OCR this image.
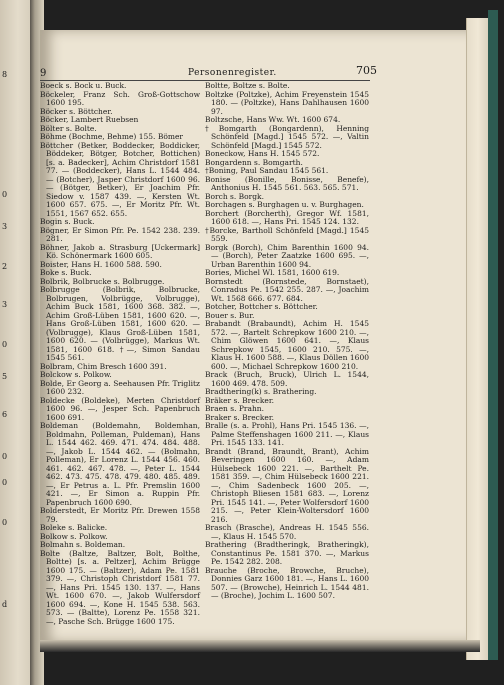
8
0
3
2
3
0
5
6
0
0
0
d
9	Personenregister.	705

Boeck s. Bock u. Buck.

Böckeler, Franz Sch. Groß-Gottschow 1600 195.

Böcker s. Böttcher.

Böcker, Lambert Ruebsen

Bölter s. Bolte.

Böhme (Bochme, Behme) 155. Bömer

Böttcher (Betker, Boddecker, Boddicker, Böddeker, Bötger, Botcher, Bottichen) [s. a. Badecker], Achim Christdorf 1581 77. — (Boddecker), Hans L. 1544 484. — (Botcher), Jasper Christdorf 1600 96. — (Bötger, Betker), Er Joachim Pfr. Siedow v. 1587 439. —, Kersten Wt. 1600 657. 675. —, Er Moritz Pfr. Wt. 1551, 1567 652. 655.

Bogin s. Buck.

Bögner, Er Simon Pfr. Pe. 1542 238. 239. 281.

Böhner, Jakob a. Strasburg [Uckermark] Kö. Schönermark 1600 605.

Boister, Hans H. 1600 588. 590.

Boke s. Buck.

Bolbrik, Bolbrucke s. Bolbrugge.

Bolbrugge (Bolbrik, Bolbrucke, Bolbrugen, Volbrügge, Volbrugge), Achim Buck 1581, 1600 368. 382. —, Achim Groß-Lüben 1581, 1600 620. —, Hans Groß-Lüben 1581, 1600 620. — (Volbrugge), Klaus Groß-Lüben 1581, 1600 620. — (Volbrügge), Markus Wt. 1581, 1600 618. †—, Simon Sandau 1545 561.

Bolbram, Chim Bresch 1600 391.

Bolckow s. Polkow.

Bolde, Er Georg a. Seehausen Pfr. Triglitz 1600 232.

Boldecke (Boldeke), Merten Christdorf 1600 96. —, Jesper Sch. Papenbruch 1600 691.

Boldeman (Boldemahn, Boldemhan, Boldmahn, Polleman, Puldeman), Hans L. 1544 462. 469. 471. 474. 484. 488. —, Jakob L. 1544 462. — (Bolmahn, Polleman), Er Lorenz L. 1544 456. 460. 461. 462. 467. 478. —, Peter L. 1544 462. 473. 475. 478. 479. 480. 485. 489. —, Er Petrus a. L. Pfr. Premslin 1600 421. —, Er Simon a. Ruppin Pfr. Papenbruch 1600 690.

Bolderstedt, Er Moritz Pfr. Drewen 1558 79.

Boleke s. Balicke.

Bolkow s. Polkow.

Bolmahn s. Boldeman.

Bolte (Baltze, Baltzer, Bolt, Bolthe, Boltte) [s. a. Peltzer], Achim Brügge 1600 175. — (Baltzer), Adam Pe. 1581 379. —, Christoph Christdorf 1581 77. —, Hans Pri. 1545 130. 137. —, Hans Wt. 1600 670. —, Jakob Wulfersdorf 1600 694. —, Kone H. 1545 538. 563. 573. — (Baltte), Lorenz Pe. 1558 321. —, Pasche Sch. Brügge 1600 175.

Boltte, Boltze s. Bolte.

Boltzke (Poltzke), Achim Freyenstein 1545 180. — (Poltzke), Hans Dahlhausen 1600 97.

Boltzsche, Hans Ww. Wt. 1600 674.

†Bomgarth (Bongardenn), Henning Schönfeld [Magd.] 1545 572. —, Valtin Schönfeld [Magd.] 1545 572.

Boneckow, Hans H. 1545 572.

Bongardenn s. Bomgarth.

†Boning, Paul Sandau 1545 561.

Bonise (Bonille, Bonisse, Benefe), Anthonius H. 1545 561. 563. 565. 571.

Borch s. Borgk.

Borchagen s. Burghagen u. v. Burghagen.

Borchert (Borcherth), Gregor Wf. 1581, 1600 618. —, Hans Pri. 1545 124. 132.

†Borcke, Bartholl Schönfeld [Magd.] 1545 559.

Borgk (Borch), Chim Barenthin 1600 94. — (Borch), Peter Zaatzke 1600 695. —, Urban Barenthin 1600 94.

Bories, Michel Wl. 1581, 1600 619.

Bornstedt (Bornstede, Bornstaet), Conradus Pe. 1542 255. 287. —, Joachim Wt. 1568 666. 677. 684.

Botcher, Bottcher s. Böttcher.

Bouer s. Bur.

Brabandt (Brabaundt), Achim H. 1545 572. —, Bartelt Schrepkow 1600 210. —, Chim Glöwen 1600 641. —, Klaus Schrepkow 1545, 1600 210. 575. —, Klaus H. 1600 588. —, Klaus Döllen 1600 600. —, Michael Schrepkow 1600 210.

Brack (Bruch, Bruck), Ulrich L. 1544, 1600 469. 478. 509.

Bradthering(k) s. Brathering.

Bräker s. Brecker.

Braen s. Prahn.

Braker s. Brecker.

Bralle (s. a. Prohl), Hans Pri. 1545 136. —, Palme Steffenshagen 1600 211. —, Klaus Pri. 1545 133. 141.

Brandt (Brand, Braundt, Brant), Achim Beveringen 1600 160. —, Adam Hülsebeck 1600 221. —, Barthelt Pe. 1581 359. —, Chim Hülsebeck 1600 221. —, Chim Sadenbeck 1600 205. —, Christoph Bliesen 1581 683. —, Lorenz Pri. 1545 141. —, Peter Wolfersdorf 1600 215. —, Peter Klein-Woltersdorf 1600 216.

Brasch (Brasche), Andreas H. 1545 556. —, Klaus H. 1545 570.

Brathering (Bradtheringk, Bratheringk), Constantinus Pe. 1581 370. —, Markus Pe. 1542 282. 208.

Brauche (Broche, Browche, Bruche), Donnies Garz 1600 181. —, Hans L. 1600 507. — (Browche), Heinrich L. 1544 481. — (Broche), Jochim L. 1600 507.
